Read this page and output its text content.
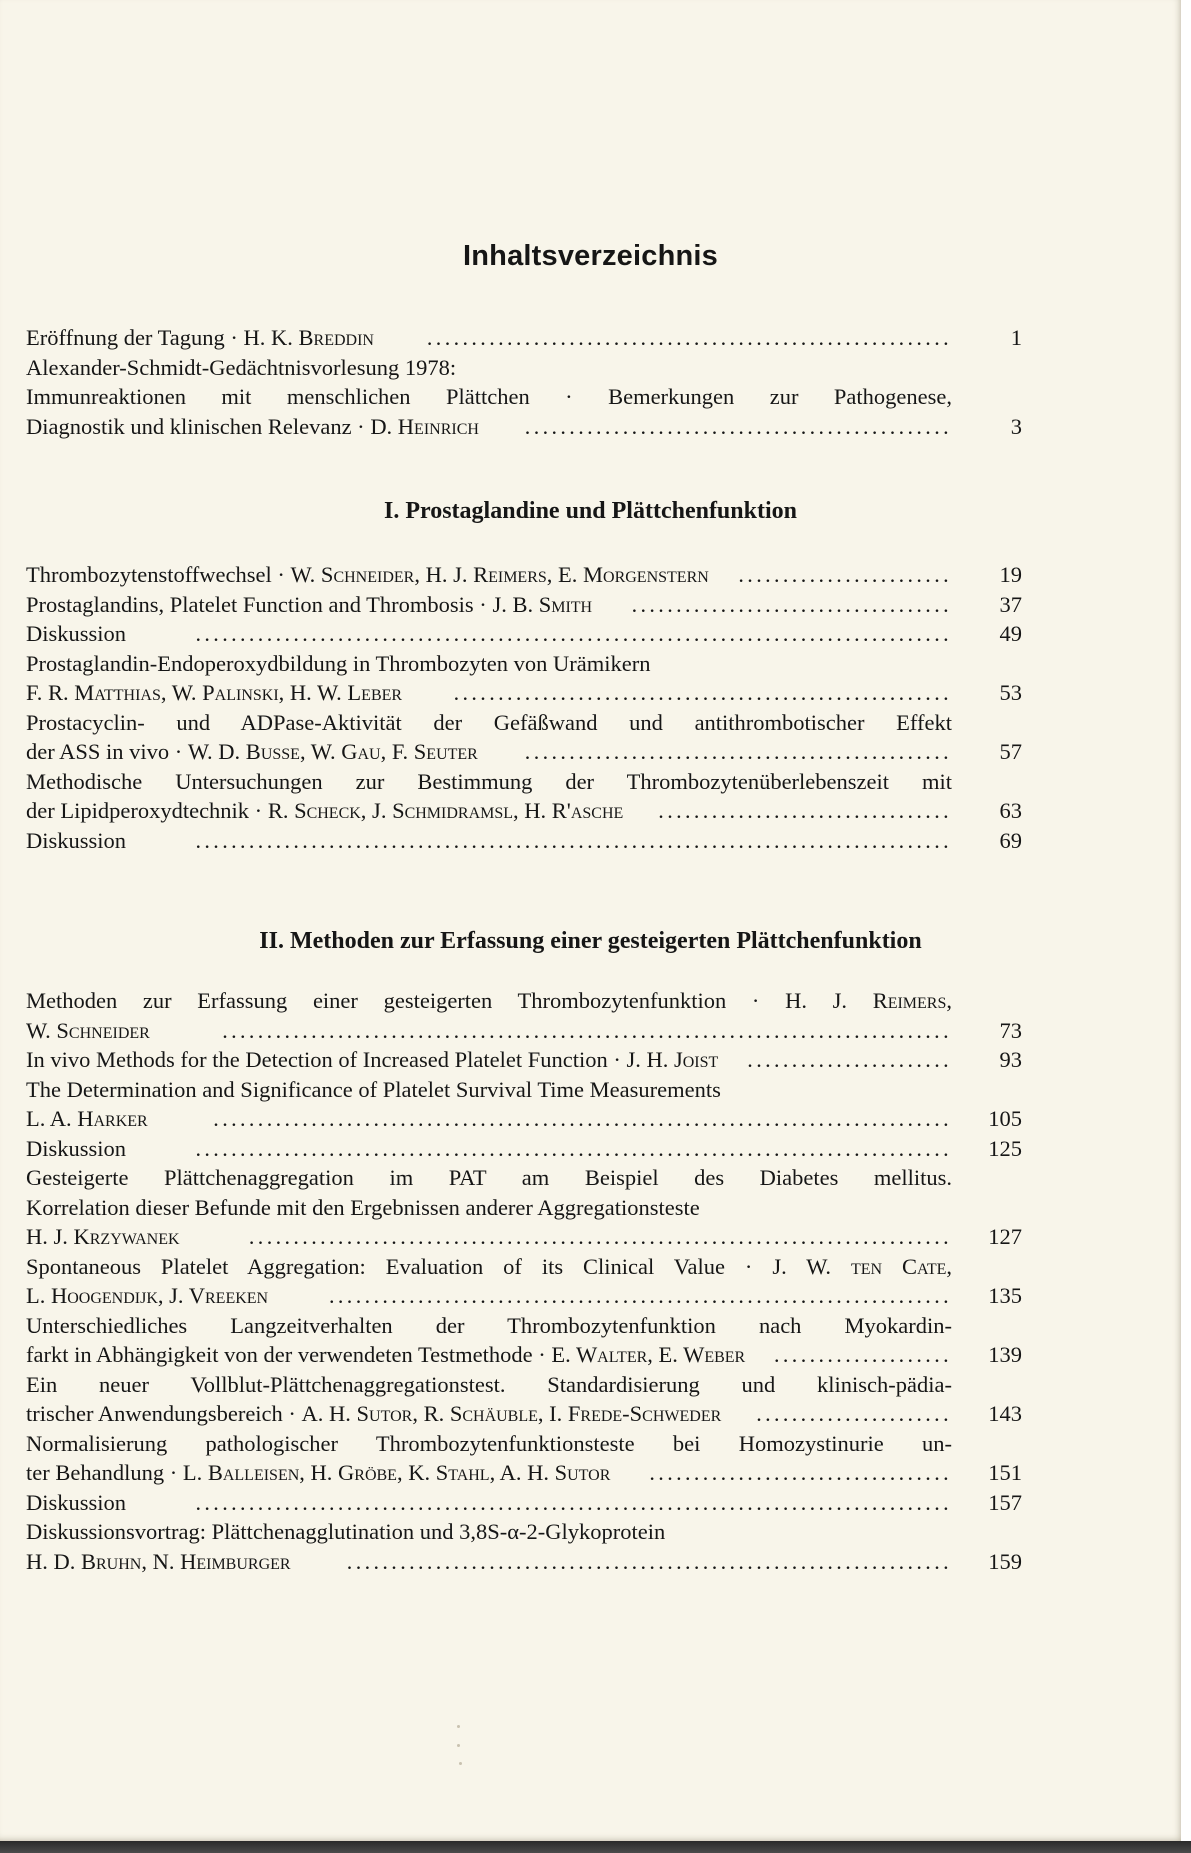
Inhaltsverzeichnis
Eröffnung der Tagung · H. K. Breddin	...........................................................	1
Alexander-Schmidt-Gedächtnisvorlesung 1978:
Immunreaktionen mit menschlichen Plättchen · Bemerkungen zur Pathogenese,
Diagnostik und klinischen Relevanz · D. Heinrich	................................................	3
I. Prostaglandine und Plättchenfunktion
Thrombozytenstoffwechsel · W. Schneider, H. J. Reimers, E. Morgenstern	........................ 19
Prostaglandins, Platelet Function and Thrombosis · J. B. Smith	.................................... 37
Diskussion	..................................................................................... 49
Prostaglandin-Endoperoxydbildung in Thrombozyten von Urämikern
F. R. Matthias, W. Palinski, H. W. Leber	........................................................ 53
Prostacyclin- und ADPase-Aktivität der Gefäßwand und antithrombotischer Effekt
der ASS in vivo · W. D. Busse, W. Gau, F. Seuter	................................................ 57
Methodische Untersuchungen zur Bestimmung der Thrombozytenüberlebenszeit mit
der Lipidperoxydtechnik · R. Scheck, J. Schmidramsl, H. R'asche	................................. 63
Diskussion	..................................................................................... 69
II. Methoden zur Erfassung einer gesteigerten Plättchenfunktion
Methoden zur Erfassung einer gesteigerten Thrombozytenfunktion · H. J. Reimers,
W. Schneider	.................................................................................. 73
In vivo Methods for the Detection of Increased Platelet Function · J. H. Joist	....................... 93
The Determination and Significance of Platelet Survival Time Measurements
L. A. Harker	................................................................................... 105
Diskussion	..................................................................................... 125
Gesteigerte Plättchenaggregation im PAT am Beispiel des Diabetes mellitus.
Korrelation dieser Befunde mit den Ergebnissen anderer Aggregationsteste
H. J. Krzywanek	............................................................................... 127
Spontaneous Platelet Aggregation: Evaluation of its Clinical Value · J. W. ten Cate,
L. Hoogendijk, J. Vreeken	...................................................................... 135
Unterschiedliches Langzeitverhalten der Thrombozytenfunktion nach Myokardin-
farkt in Abhängigkeit von der verwendeten Testmethode · E. Walter, E. Weber	.................... 139
Ein neuer Vollblut-Plättchenaggregationstest. Standardisierung und klinisch-pädia-
trischer Anwendungsbereich · A. H. Sutor, R. Schäuble, I. Frede-Schweder	...................... 143
Normalisierung pathologischer Thrombozytenfunktionsteste bei Homozystinurie un-
ter Behandlung · L. Balleisen, H. Gröbe, K. Stahl, A. H. Sutor	.................................. 151
Diskussion	..................................................................................... 157
Diskussionsvortrag: Plättchenagglutination und 3,8S-α-2-Glykoprotein
H. D. Bruhn, N. Heimburger	.................................................................... 159
